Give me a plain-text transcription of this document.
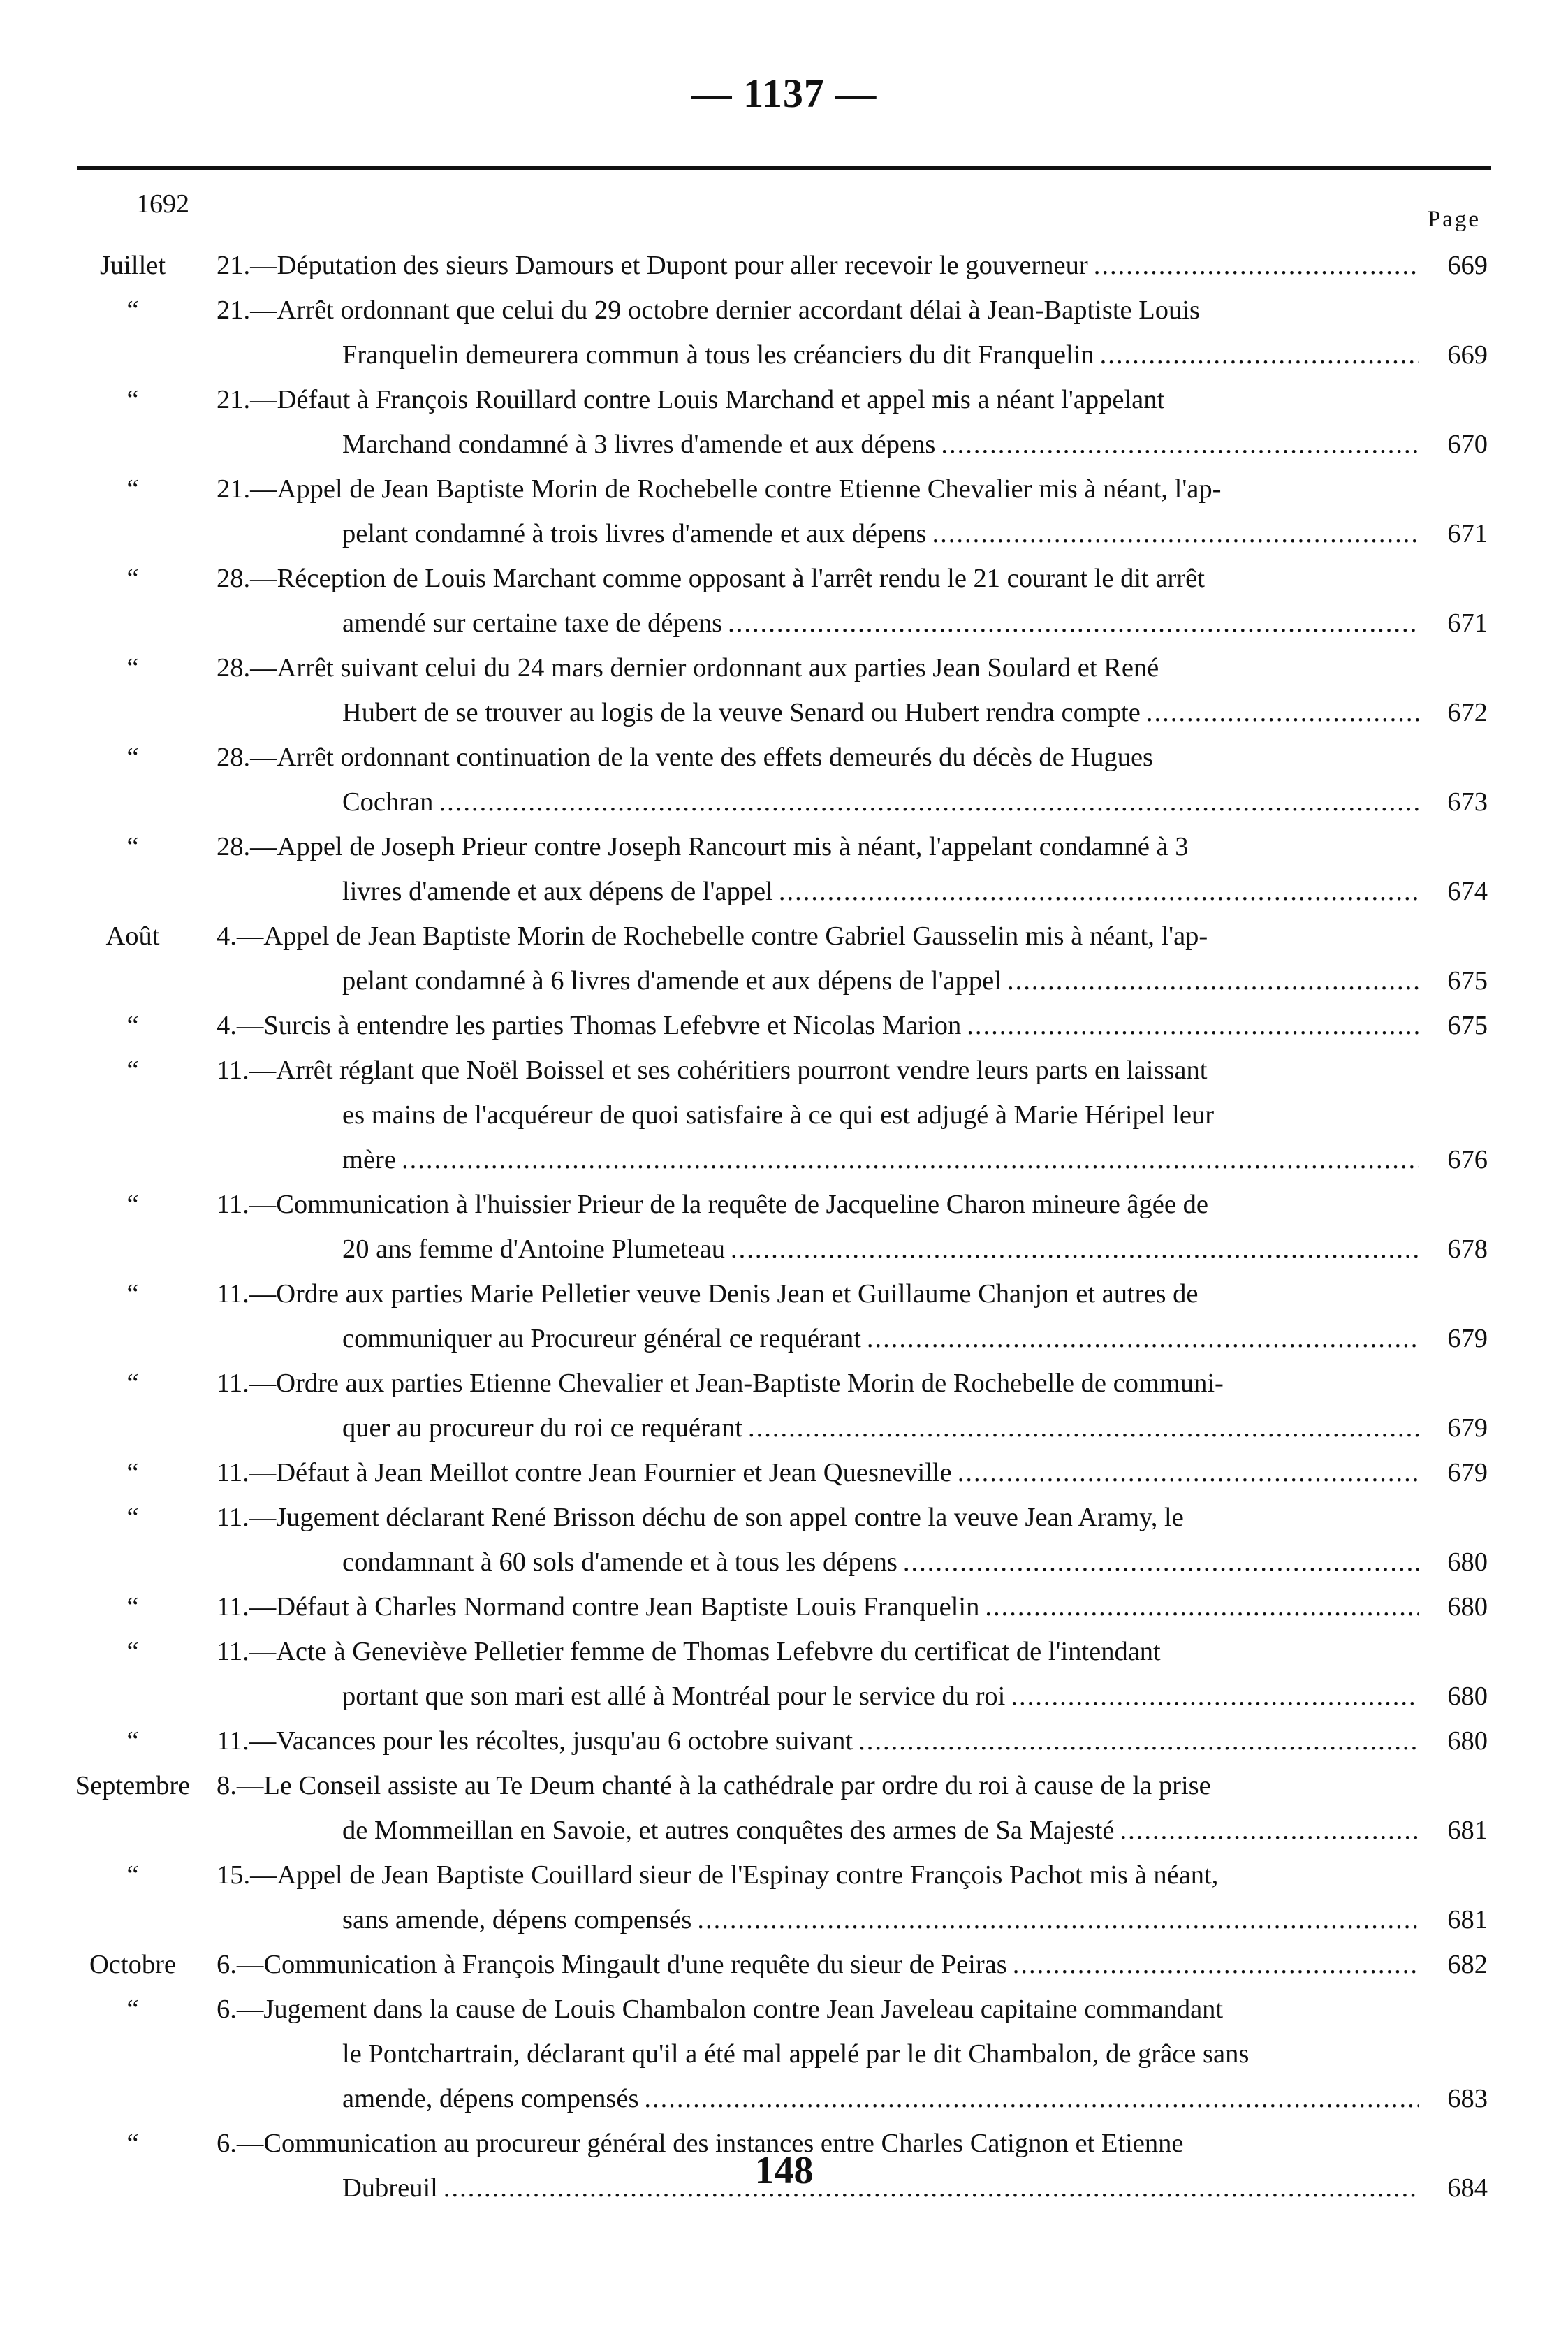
— 1137 —
1692
Page
Juillet	21.—Députation des sieurs Damours et Dupont pour aller recevoir le gouverneur .....	669
“	21.—Arrêt ordonnant que celui du 29 octobre dernier accordant délai à Jean-Baptiste Louis
Franquelin demeurera commun à tous les créanciers du dit Franquelin .....	669
“	21.—Défaut à François Rouillard contre Louis Marchand et appel mis a néant l'appelant
Marchand condamné à 3 livres d'amende et aux dépens .....	670
“	21.—Appel de Jean Baptiste Morin de Rochebelle contre Etienne Chevalier mis à néant, l'ap-
pelant condamné à trois livres d'amende et aux dépens .....	671
“	28.—Réception de Louis Marchant comme opposant à l'arrêt rendu le 21 courant le dit arrêt
amendé sur certaine taxe de dépens .....	671
“	28.—Arrêt suivant celui du 24 mars dernier ordonnant aux parties Jean Soulard et René
Hubert de se trouver au logis de la veuve Senard ou Hubert rendra compte .....	672
“	28.—Arrêt ordonnant continuation de la vente des effets demeurés du décès de Hugues
Cochran .....	673
“	28.—Appel de Joseph Prieur contre Joseph Rancourt mis à néant, l'appelant condamné à 3
livres d'amende et aux dépens de l'appel .....	674
Août	4.—Appel de Jean Baptiste Morin de Rochebelle contre Gabriel Gausselin mis à néant, l'ap-
pelant condamné à 6 livres d'amende et aux dépens de l'appel .....	675
“	4.—Surcis à entendre les parties Thomas Lefebvre et Nicolas Marion .....	675
“	11.—Arrêt réglant que Noël Boissel et ses cohéritiers pourront vendre leurs parts en laissant
es mains de l'acquéreur de quoi satisfaire à ce qui est adjugé à Marie Héripel leur
mère .....	676
“	11.—Communication à l'huissier Prieur de la requête de Jacqueline Charon mineure âgée de
20 ans femme d'Antoine Plumeteau .....	678
“	11.—Ordre aux parties Marie Pelletier veuve Denis Jean et Guillaume Chanjon et autres de
communiquer au Procureur général ce requérant .....	679
“	11.—Ordre aux parties Etienne Chevalier et Jean-Baptiste Morin de Rochebelle de communi-
quer au procureur du roi ce requérant .....	679
“	11.—Défaut à Jean Meillot contre Jean Fournier et Jean Quesneville .....	679
“	11.—Jugement déclarant René Brisson déchu de son appel contre la veuve Jean Aramy, le
condamnant à 60 sols d'amende et à tous les dépens .....	680
“	11.—Défaut à Charles Normand contre Jean Baptiste Louis Franquelin .....	680
“	11.—Acte à Geneviève Pelletier femme de Thomas Lefebvre du certificat de l'intendant
portant que son mari est allé à Montréal pour le service du roi .....	680
“	11.—Vacances pour les récoltes, jusqu'au 6 octobre suivant .....	680
Septembre 8.—Le Conseil assiste au Te Deum chanté à la cathédrale par ordre du roi à cause de la prise
de Mommeillan en Savoie, et autres conquêtes des armes de Sa Majesté .....	681
“	15.—Appel de Jean Baptiste Couillard sieur de l'Espinay contre François Pachot mis à néant,
sans amende, dépens compensés .....	681
Octobre	6.—Communication à François Mingault d'une requête du sieur de Peiras .....	682
“	6.—Jugement dans la cause de Louis Chambalon contre Jean Javeleau capitaine commandant
le Pontchartrain, déclarant qu'il a été mal appelé par le dit Chambalon, de grâce sans
amende, dépens compensés .....	683
“	6.—Communication au procureur général des instances entre Charles Catignon et Etienne
Dubreuil .....	684
148
